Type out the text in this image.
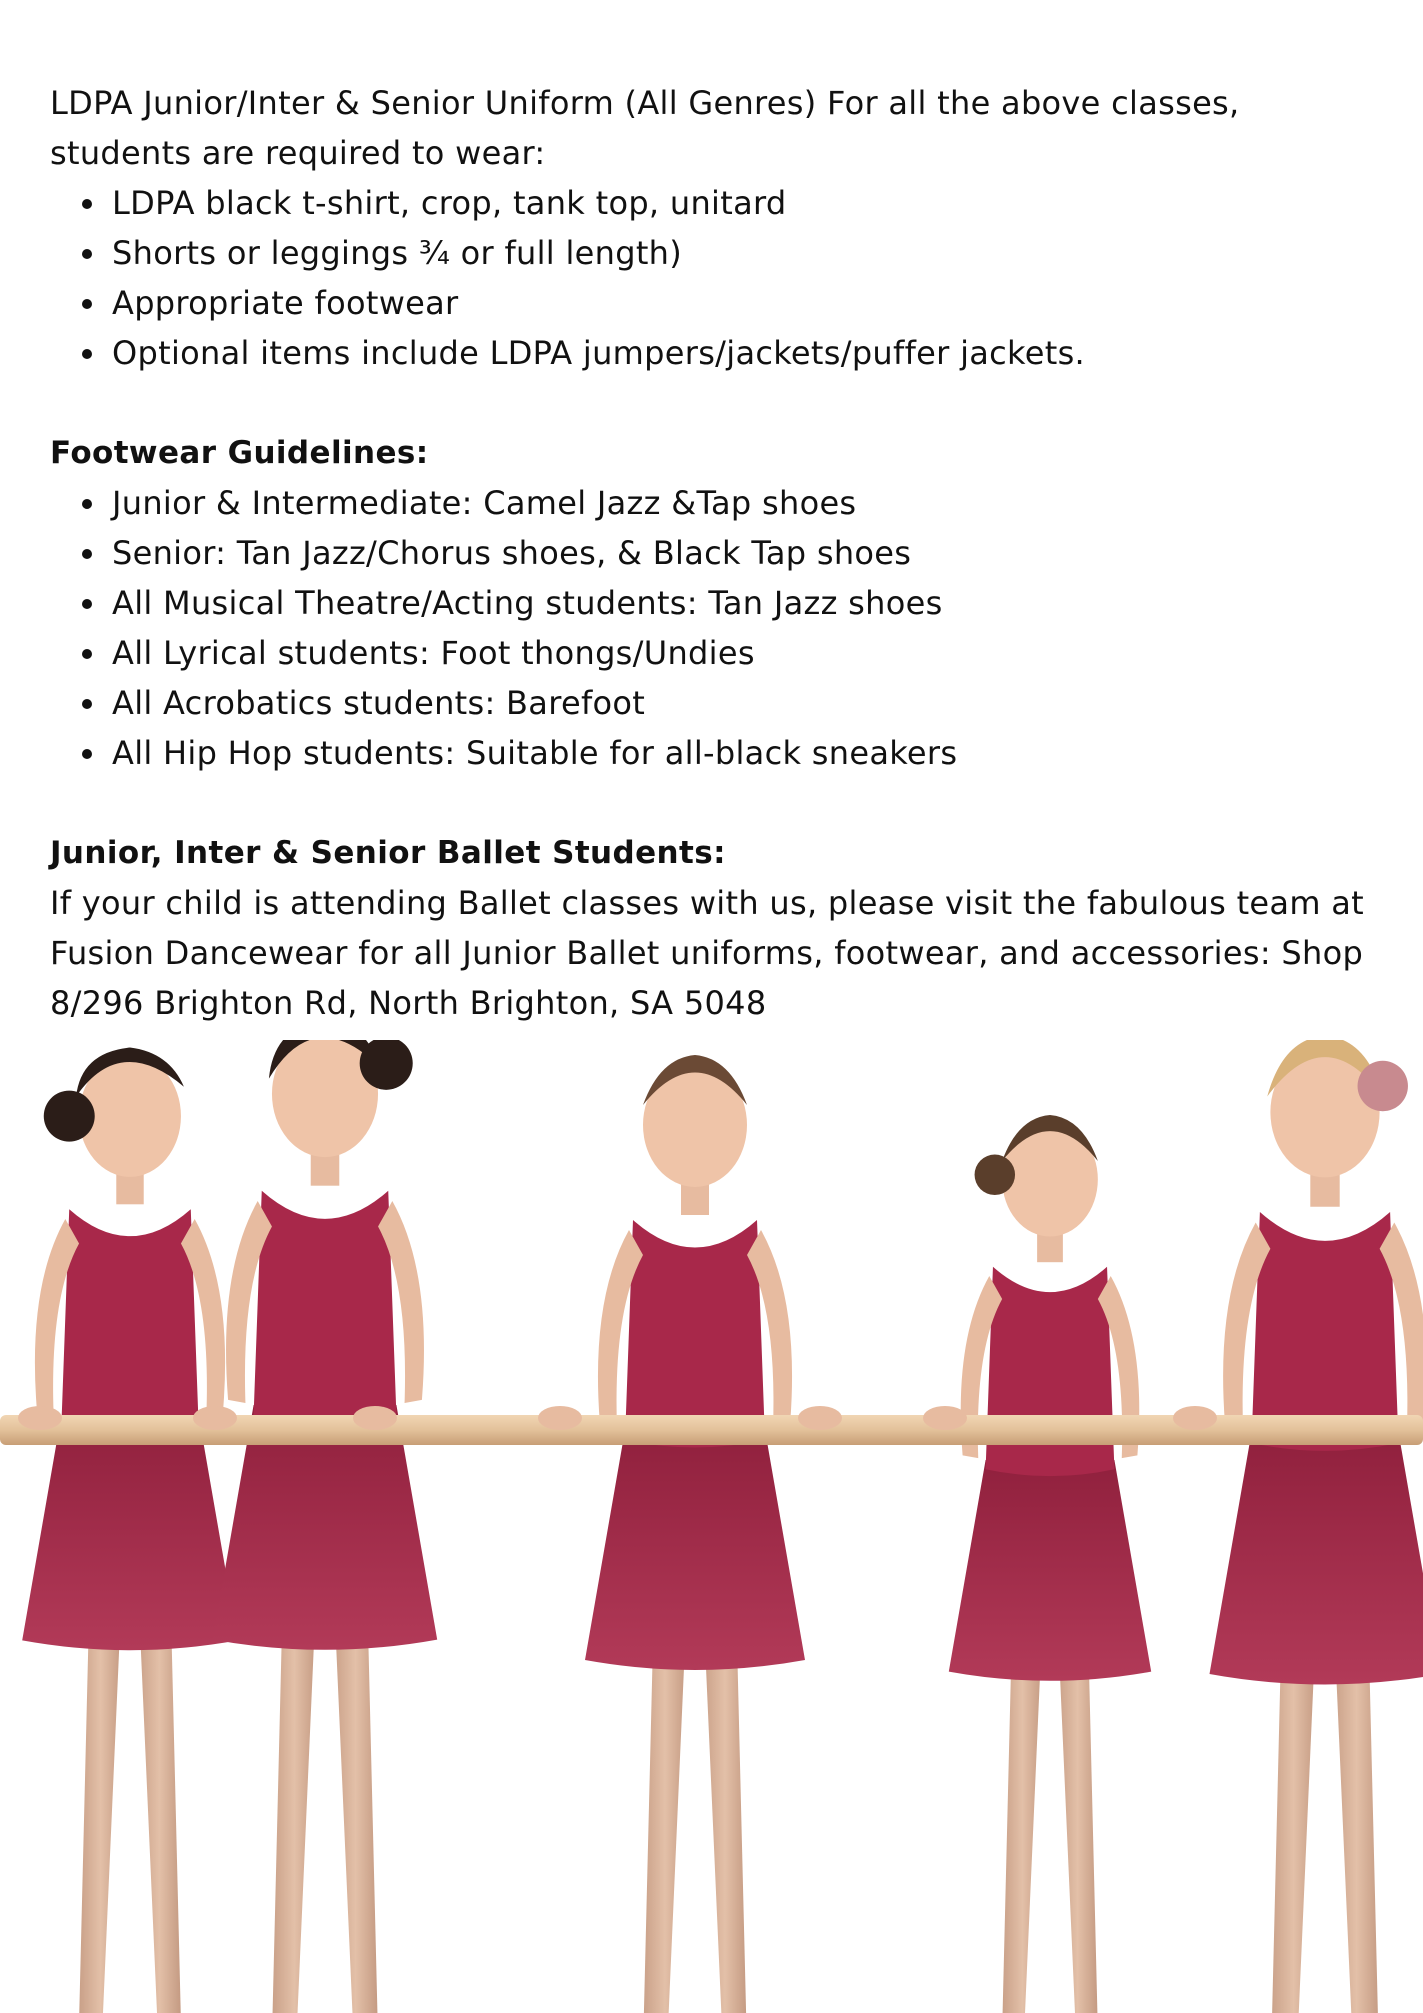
LDPA Junior/Inter & Senior Uniform (All Genres) For all the above classes, students are required to wear:

LDPA black t-shirt, crop, tank top, unitard
Shorts or leggings ¾ or full length)
Appropriate footwear
Optional items include LDPA jumpers/jackets/puffer jackets.

Footwear Guidelines:

Junior & Intermediate: Camel Jazz &Tap shoes
Senior: Tan Jazz/Chorus shoes, & Black Tap shoes
All Musical Theatre/Acting students: Tan Jazz shoes
All Lyrical students: Foot thongs/Undies
All Acrobatics students: Barefoot
All Hip Hop students: Suitable for all-black sneakers

Junior, Inter & Senior Ballet Students:

If your child is attending Ballet classes with us, please visit the fabulous team at Fusion Dancewear for all Junior Ballet uniforms, footwear, and accessories: Shop 8/296 Brighton Rd, North Brighton, SA 5048
